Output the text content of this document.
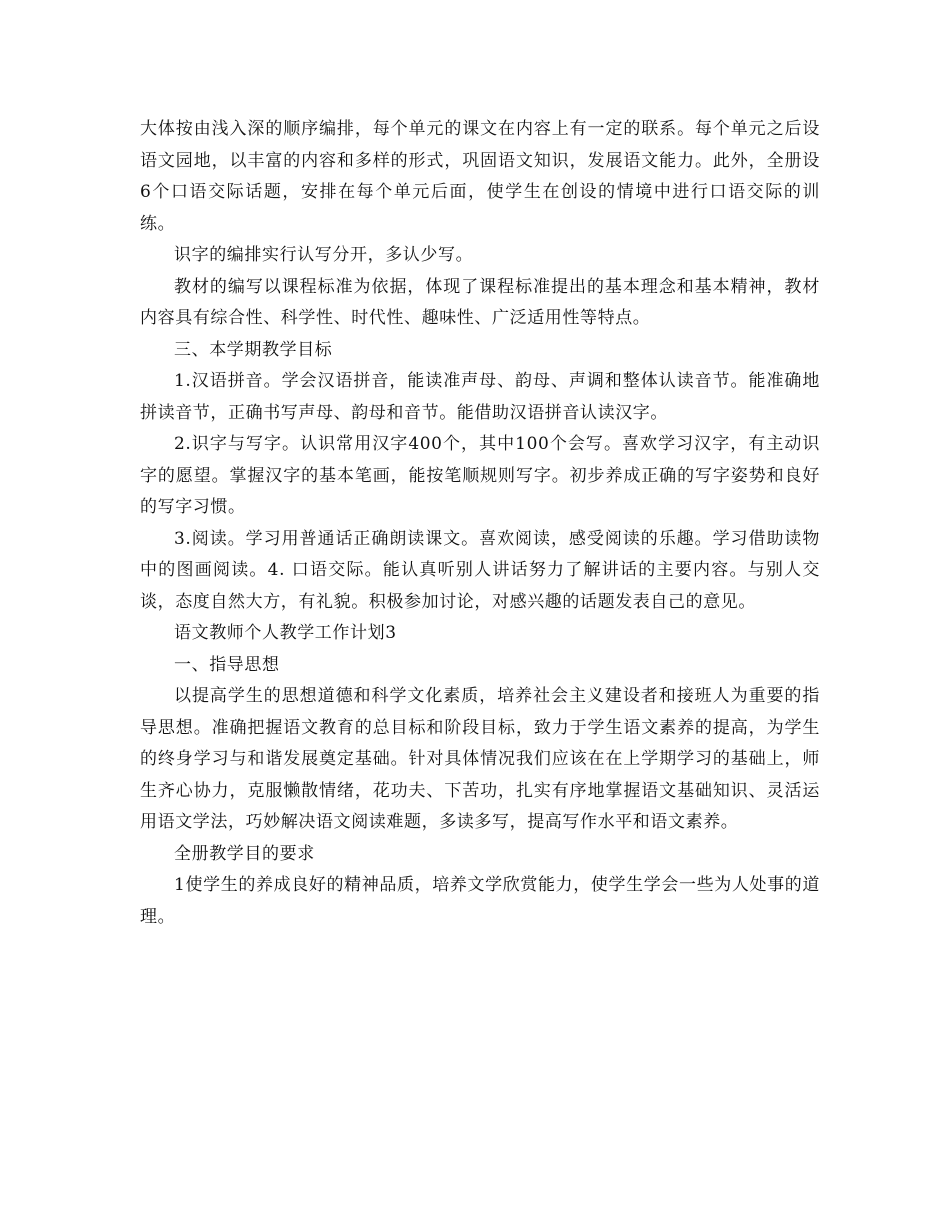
大体按由浅入深的顺序编排，每个单元的课文在内容上有一定的联系。每个单元之后设语文园地，以丰富的内容和多样的形式，巩固语文知识，发展语文能力。此外，全册设6个口语交际话题，安排在每个单元后面，使学生在创设的情境中进行口语交际的训练。

识字的编排实行认写分开，多认少写。

教材的编写以课程标准为依据，体现了课程标准提出的基本理念和基本精神，教材内容具有综合性、科学性、时代性、趣味性、广泛适用性等特点。

三、本学期教学目标

1.汉语拼音。学会汉语拼音，能读准声母、韵母、声调和整体认读音节。能准确地拼读音节，正确书写声母、韵母和音节。能借助汉语拼音认读汉字。

2.识字与写字。认识常用汉字400个，其中100个会写。喜欢学习汉字，有主动识字的愿望。掌握汉字的基本笔画，能按笔顺规则写字。初步养成正确的写字姿势和良好的写字习惯。

3.阅读。学习用普通话正确朗读课文。喜欢阅读，感受阅读的乐趣。学习借助读物中的图画阅读。4. 口语交际。能认真听别人讲话努力了解讲话的主要内容。与别人交谈，态度自然大方，有礼貌。积极参加讨论，对感兴趣的话题发表自己的意见。

语文教师个人教学工作计划3

一、指导思想

以提高学生的思想道德和科学文化素质，培养社会主义建设者和接班人为重要的指导思想。准确把握语文教育的总目标和阶段目标，致力于学生语文素养的提高，为学生的终身学习与和谐发展奠定基础。针对具体情况我们应该在在上学期学习的基础上，师生齐心协力，克服懒散情绪，花功夫、下苦功，扎实有序地掌握语文基础知识、灵活运用语文学法，巧妙解决语文阅读难题，多读多写，提高写作水平和语文素养。

全册教学目的要求

1使学生的养成良好的精神品质，培养文学欣赏能力，使学生学会一些为人处事的道理。
